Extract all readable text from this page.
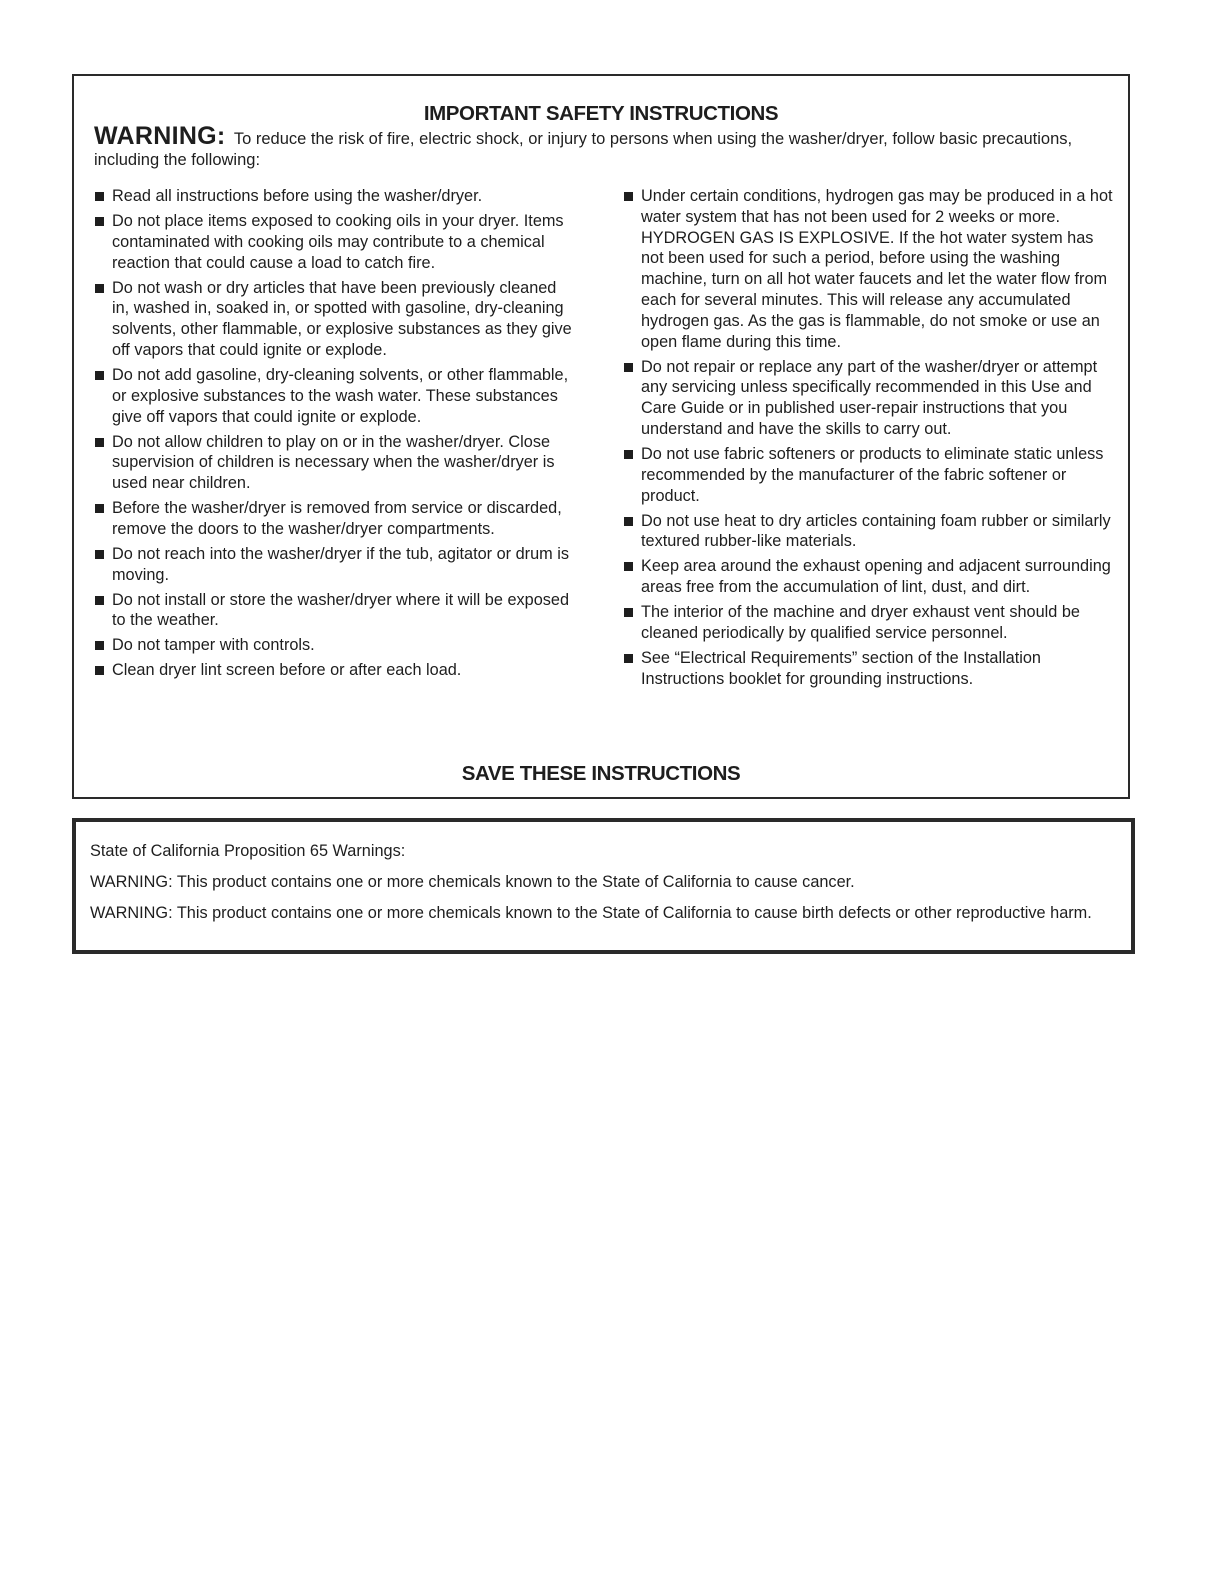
IMPORTANT SAFETY INSTRUCTIONS

WARNING: To reduce the risk of fire, electric shock, or injury to persons when using the washer/dryer, follow basic precautions, including the following:

Read all instructions before using the washer/dryer.
Do not place items exposed to cooking oils in your dryer. Items contaminated with cooking oils may contribute to a chemical reaction that could cause a load to catch fire.
Do not wash or dry articles that have been previously cleaned in, washed in, soaked in, or spotted with gasoline, dry-cleaning solvents, other flammable, or explosive substances as they give off vapors that could ignite or explode.
Do not add gasoline, dry-cleaning solvents, or other flammable, or explosive substances to the wash water. These substances give off vapors that could ignite or explode.
Do not allow children to play on or in the washer/dryer. Close supervision of children is necessary when the washer/dryer is used near children.
Before the washer/dryer is removed from service or discarded, remove the doors to the washer/dryer compartments.
Do not reach into the washer/dryer if the tub, agitator or drum is moving.
Do not install or store the washer/dryer where it will be exposed to the weather.
Do not tamper with controls.
Clean dryer lint screen before or after each load.
Under certain conditions, hydrogen gas may be produced in a hot water system that has not been used for 2 weeks or more. HYDROGEN GAS IS EXPLOSIVE. If the hot water system has not been used for such a period, before using the washing machine, turn on all hot water faucets and let the water flow from each for several minutes. This will release any accumulated hydrogen gas. As the gas is flammable, do not smoke or use an open flame during this time.
Do not repair or replace any part of the washer/dryer or attempt any servicing unless specifically recommended in this Use and Care Guide or in published user-repair instructions that you understand and have the skills to carry out.
Do not use fabric softeners or products to eliminate static unless recommended by the manufacturer of the fabric softener or product.
Do not use heat to dry articles containing foam rubber or similarly textured rubber-like materials.
Keep area around the exhaust opening and adjacent surrounding areas free from the accumulation of lint, dust, and dirt.
The interior of the machine and dryer exhaust vent should be cleaned periodically by qualified service personnel.
See “Electrical Requirements” section of the Installation Instructions booklet for grounding instructions.
SAVE THESE INSTRUCTIONS

State of California Proposition 65 Warnings:

WARNING: This product contains one or more chemicals known to the State of California to cause cancer.

WARNING: This product contains one or more chemicals known to the State of California to cause birth defects or other reproductive harm.
